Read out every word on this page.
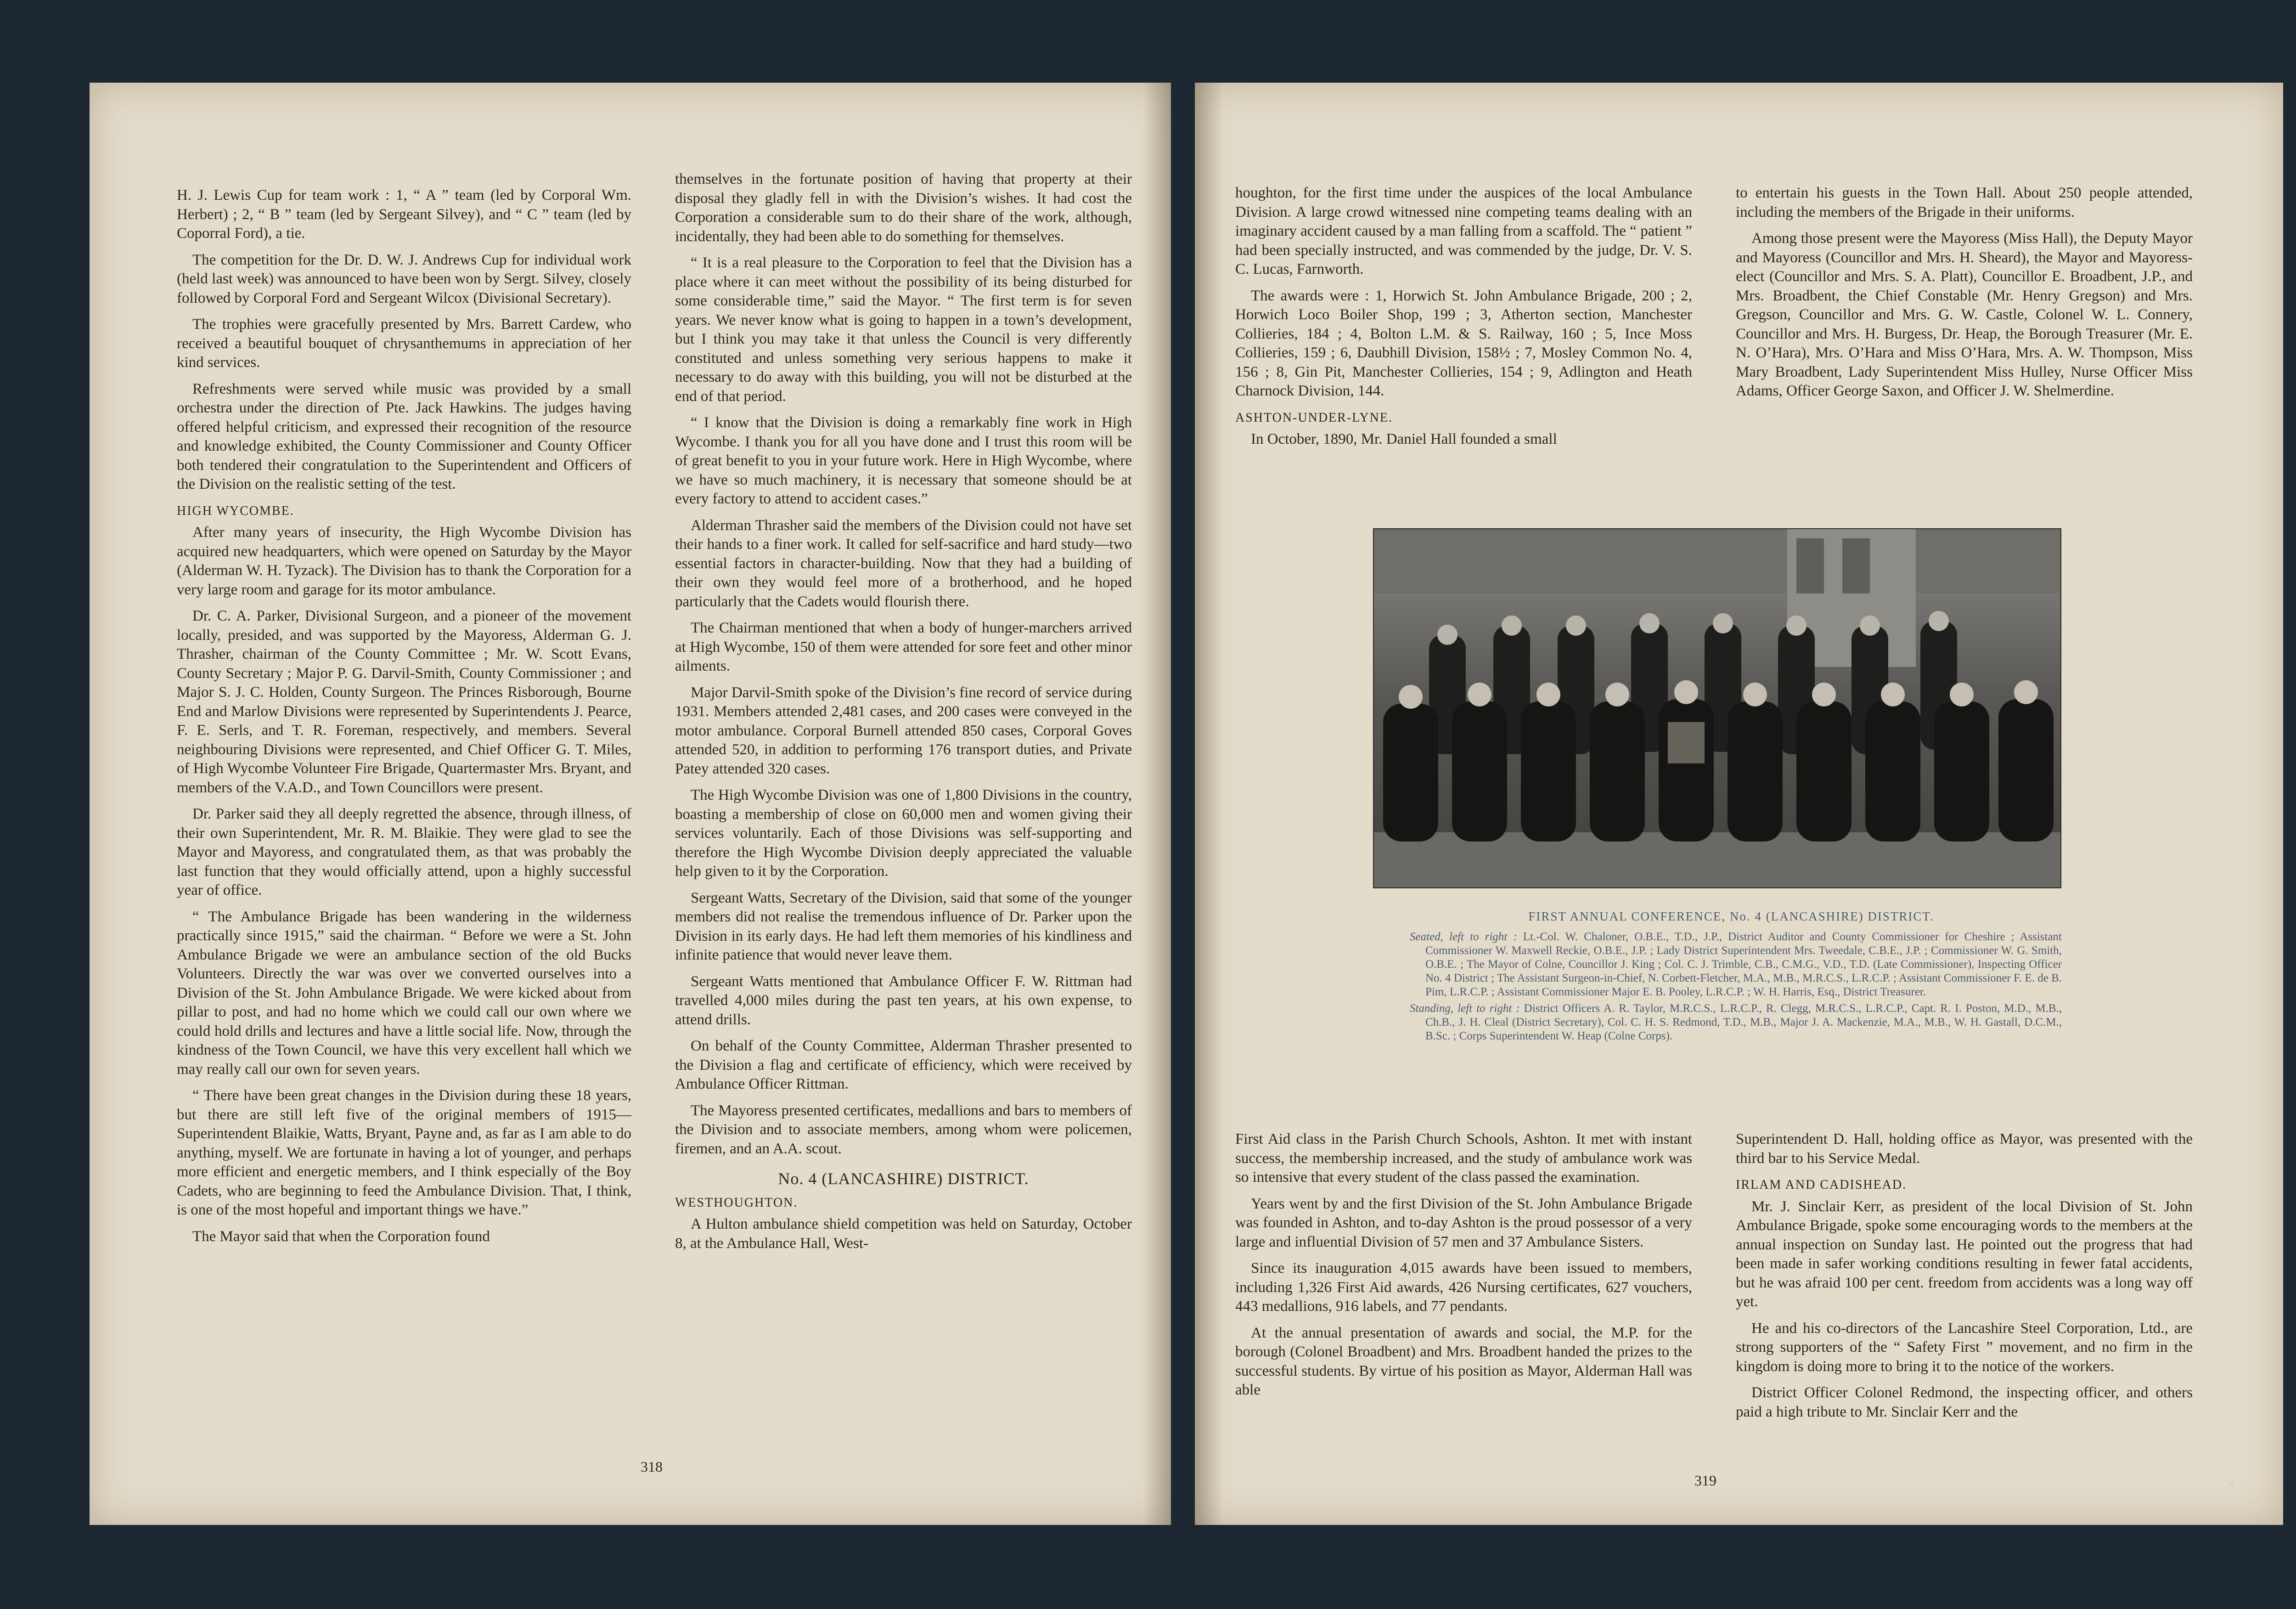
H. J. Lewis Cup for team work : 1, “ A ” team (led by Corporal Wm. Herbert) ; 2, “ B ” team (led by Sergeant Silvey), and “ C ” team (led by Coporral Ford), a tie.

The competition for the Dr. D. W. J. Andrews Cup for individual work (held last week) was announced to have been won by Sergt. Silvey, closely followed by Corporal Ford and Sergeant Wilcox (Divisional Secretary).

The trophies were gracefully presented by Mrs. Barrett Cardew, who received a beautiful bouquet of chrysanthemums in appreciation of her kind services.

Refreshments were served while music was provided by a small orchestra under the direction of Pte. Jack Hawkins. The judges having offered helpful criticism, and expressed their recognition of the resource and knowledge exhibited, the County Commissioner and County Officer both tendered their congratulation to the Superintendent and Officers of the Division on the realistic setting of the test.

HIGH WYCOMBE.

After many years of insecurity, the High Wycombe Division has acquired new headquarters, which were opened on Saturday by the Mayor (Alderman W. H. Tyzack). The Division has to thank the Corporation for a very large room and garage for its motor ambulance.

Dr. C. A. Parker, Divisional Surgeon, and a pioneer of the movement locally, presided, and was supported by the Mayoress, Alderman G. J. Thrasher, chairman of the County Committee ; Mr. W. Scott Evans, County Secretary ; Major P. G. Darvil-Smith, County Commissioner ; and Major S. J. C. Holden, County Surgeon. The Princes Risborough, Bourne End and Marlow Divisions were represented by Superintendents J. Pearce, F. E. Serls, and T. R. Foreman, respectively, and members. Several neighbouring Divisions were represented, and Chief Officer G. T. Miles, of High Wycombe Volunteer Fire Brigade, Quartermaster Mrs. Bryant, and members of the V.A.D., and Town Councillors were present.

Dr. Parker said they all deeply regretted the absence, through illness, of their own Superintendent, Mr. R. M. Blaikie. They were glad to see the Mayor and Mayoress, and congratulated them, as that was probably the last function that they would officially attend, upon a highly successful year of office.

“ The Ambulance Brigade has been wandering in the wilderness practically since 1915,” said the chairman. “ Before we were a St. John Ambulance Brigade we were an ambulance section of the old Bucks Volunteers. Directly the war was over we converted ourselves into a Division of the St. John Ambulance Brigade. We were kicked about from pillar to post, and had no home which we could call our own where we could hold drills and lectures and have a little social life. Now, through the kindness of the Town Council, we have this very excellent hall which we may really call our own for seven years.

“ There have been great changes in the Division during these 18 years, but there are still left five of the original members of 1915—Superintendent Blaikie, Watts, Bryant, Payne and, as far as I am able to do anything, myself. We are fortunate in having a lot of younger, and perhaps more efficient and energetic members, and I think especially of the Boy Cadets, who are beginning to feed the Ambulance Division. That, I think, is one of the most hopeful and important things we have.”

The Mayor said that when the Corporation found

themselves in the fortunate position of having that property at their disposal they gladly fell in with the Division’s wishes. It had cost the Corporation a considerable sum to do their share of the work, although, incidentally, they had been able to do something for themselves.

“ It is a real pleasure to the Corporation to feel that the Division has a place where it can meet without the possibility of its being disturbed for some considerable time,” said the Mayor. “ The first term is for seven years. We never know what is going to happen in a town’s development, but I think you may take it that unless the Council is very differently constituted and unless something very serious happens to make it necessary to do away with this building, you will not be disturbed at the end of that period.

“ I know that the Division is doing a remarkably fine work in High Wycombe. I thank you for all you have done and I trust this room will be of great benefit to you in your future work. Here in High Wycombe, where we have so much machinery, it is necessary that someone should be at every factory to attend to accident cases.”

Alderman Thrasher said the members of the Division could not have set their hands to a finer work. It called for self-sacrifice and hard study—two essential factors in character-building. Now that they had a building of their own they would feel more of a brotherhood, and he hoped particularly that the Cadets would flourish there.

The Chairman mentioned that when a body of hunger-marchers arrived at High Wycombe, 150 of them were attended for sore feet and other minor ailments.

Major Darvil-Smith spoke of the Division’s fine record of service during 1931. Members attended 2,481 cases, and 200 cases were conveyed in the motor ambulance. Corporal Burnell attended 850 cases, Corporal Goves attended 520, in addition to performing 176 transport duties, and Private Patey attended 320 cases.

The High Wycombe Division was one of 1,800 Divisions in the country, boasting a membership of close on 60,000 men and women giving their services voluntarily. Each of those Divisions was self-supporting and therefore the High Wycombe Division deeply appreciated the valuable help given to it by the Corporation.

Sergeant Watts, Secretary of the Division, said that some of the younger members did not realise the tremendous influence of Dr. Parker upon the Division in its early days. He had left them memories of his kindliness and infinite patience that would never leave them.

Sergeant Watts mentioned that Ambulance Officer F. W. Rittman had travelled 4,000 miles during the past ten years, at his own expense, to attend drills.

On behalf of the County Committee, Alderman Thrasher presented to the Division a flag and certificate of efficiency, which were received by Ambulance Officer Rittman.

The Mayoress presented certificates, medallions and bars to members of the Division and to associate members, among whom were policemen, firemen, and an A.A. scout.

No. 4 (LANCASHIRE) DISTRICT.

WESTHOUGHTON.

A Hulton ambulance shield competition was held on Saturday, October 8, at the Ambulance Hall, West-

318

houghton, for the first time under the auspices of the local Ambulance Division. A large crowd witnessed nine competing teams dealing with an imaginary accident caused by a man falling from a scaffold. The “ patient ” had been specially instructed, and was commended by the judge, Dr. V. S. C. Lucas, Farnworth.

The awards were : 1, Horwich St. John Ambulance Brigade, 200 ; 2, Horwich Loco Boiler Shop, 199 ; 3, Atherton section, Manchester Collieries, 184 ; 4, Bolton L.M. & S. Railway, 160 ; 5, Ince Moss Collieries, 159 ; 6, Daubhill Division, 158½ ; 7, Mosley Common No. 4, 156 ; 8, Gin Pit, Manchester Collieries, 154 ; 9, Adlington and Heath Charnock Division, 144.

ASHTON-UNDER-LYNE.

In October, 1890, Mr. Daniel Hall founded a small

to entertain his guests in the Town Hall. About 250 people attended, including the members of the Brigade in their uniforms.

Among those present were the Mayoress (Miss Hall), the Deputy Mayor and Mayoress (Councillor and Mrs. H. Sheard), the Mayor and Mayoress-elect (Councillor and Mrs. S. A. Platt), Councillor E. Broadbent, J.P., and Mrs. Broadbent, the Chief Constable (Mr. Henry Gregson) and Mrs. Gregson, Councillor and Mrs. G. W. Castle, Colonel W. L. Connery, Councillor and Mrs. H. Burgess, Dr. Heap, the Borough Treasurer (Mr. E. N. O’Hara), Mrs. O’Hara and Miss O’Hara, Mrs. A. W. Thompson, Miss Mary Broadbent, Lady Superintendent Miss Hulley, Nurse Officer Miss Adams, Officer George Saxon, and Officer J. W. Shelmerdine.

FIRST ANNUAL CONFERENCE, No. 4 (LANCASHIRE) DISTRICT.

Seated, left to right : Lt.-Col. W. Chaloner, O.B.E., T.D., J.P., District Auditor and County Commissioner for Cheshire ; Assistant Commissioner W. Maxwell Reckie, O.B.E., J.P. ; Lady District Superintendent Mrs. Tweedale, C.B.E., J.P. ; Commissioner W. G. Smith, O.B.E. ; The Mayor of Colne, Councillor J. King ; Col. C. J. Trimble, C.B., C.M.G., V.D., T.D. (Late Commissioner), Inspecting Officer No. 4 District ; The Assistant Surgeon-in-Chief, N. Corbett-Fletcher, M.A., M.B., M.R.C.S., L.R.C.P. ; Assistant Commissioner F. E. de B. Pim, L.R.C.P. ; Assistant Commissioner Major E. B. Pooley, L.R.C.P. ; W. H. Harris, Esq., District Treasurer.

Standing, left to right : District Officers A. R. Taylor, M.R.C.S., L.R.C.P., R. Clegg, M.R.C.S., L.R.C.P., Capt. R. I. Poston, M.D., M.B., Ch.B., J. H. Cleal (District Secretary), Col. C. H. S. Redmond, T.D., M.B., Major J. A. Mackenzie, M.A., M.B., W. H. Gastall, D.C.M., B.Sc. ; Corps Superintendent W. Heap (Colne Corps).

First Aid class in the Parish Church Schools, Ashton. It met with instant success, the membership increased, and the study of ambulance work was so intensive that every student of the class passed the examination.

Years went by and the first Division of the St. John Ambulance Brigade was founded in Ashton, and to-day Ashton is the proud possessor of a very large and influential Division of 57 men and 37 Ambulance Sisters.

Since its inauguration 4,015 awards have been issued to members, including 1,326 First Aid awards, 426 Nursing certificates, 627 vouchers, 443 medallions, 916 labels, and 77 pendants.

At the annual presentation of awards and social, the M.P. for the borough (Colonel Broadbent) and Mrs. Broadbent handed the prizes to the successful students. By virtue of his position as Mayor, Alderman Hall was able

Superintendent D. Hall, holding office as Mayor, was presented with the third bar to his Service Medal.

IRLAM AND CADISHEAD.

Mr. J. Sinclair Kerr, as president of the local Division of St. John Ambulance Brigade, spoke some encouraging words to the members at the annual inspection on Sunday last. He pointed out the progress that had been made in safer working conditions resulting in fewer fatal accidents, but he was afraid 100 per cent. freedom from accidents was a long way off yet.

He and his co-directors of the Lancashire Steel Corporation, Ltd., are strong supporters of the “ Safety First ” movement, and no firm in the kingdom is doing more to bring it to the notice of the workers.

District Officer Colonel Redmond, the inspecting officer, and others paid a high tribute to Mr. Sinclair Kerr and the

319
